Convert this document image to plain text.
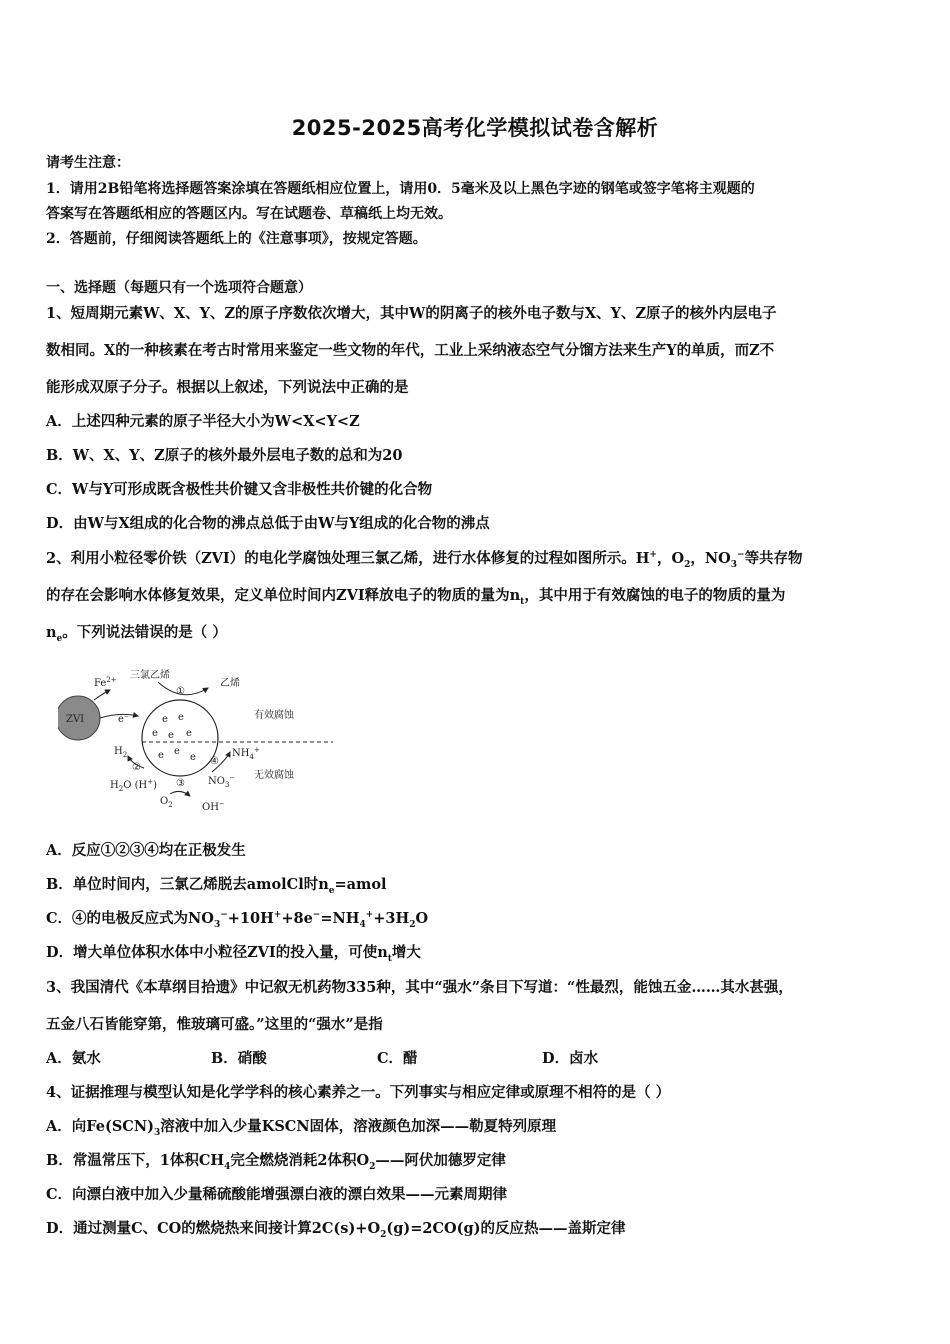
2025-2025高考化学模拟试卷含解析
请考生注意：
1．请用2B铅笔将选择题答案涂填在答题纸相应位置上，请用0．5毫米及以上黑色字迹的钢笔或签字笔将主观题的
答案写在答题纸相应的答题区内。写在试题卷、草稿纸上均无效。
2．答题前，仔细阅读答题纸上的《注意事项》，按规定答题。
一、选择题（每题只有一个选项符合题意）
1、短周期元素W、X、Y、Z的原子序数依次增大，其中W的阴离子的核外电子数与X、Y、Z原子的核外内层电子
数相同。X的一种核素在考古时常用来鉴定一些文物的年代，工业上采纳液态空气分馏方法来生产Y的单质，而Z不
能形成双原子分子。根据以上叙述，下列说法中正确的是
A．上述四种元素的原子半径大小为W<X<Y<Z
B．W、X、Y、Z原子的核外最外层电子数的总和为20
C．W与Y可形成既含极性共价键又含非极性共价键的化合物
D．由W与X组成的化合物的沸点总低于由W与Y组成的化合物的沸点
2、利用小粒径零价铁（ZVI）的电化学腐蚀处理三氯乙烯，进行水体修复的过程如图所示。H+，$O_2$，$NO_3^-$等共存物
的存在会影响水体修复效果，定义单位时间内ZVI释放电子的物质的量为$n_t$，其中用于有效腐蚀的电子的物质的量为
$n_e$。下列说法错误的是（ ）
ZVI
$Fe^{2+}$
e−	e e
e e e
e e
e
三氯乙烯
乙烯
①
有效腐蚀
无效腐蚀
$H_2$
②
$H_2O$ (H+)
$O_2$
③
OH−
$NO_3^-$
④
$NH_4^+$
A．反应①②③④均在正极发生
B．单位时间内，三氯乙烯脱去amolCl时$n_e=amol$
C．④的电极反应式为$NO_3^-+10H^++8e^-=NH_4^++3H_2O$
D．增大单位体积水体中小粒径ZVI的投入量，可使$n_t$增大
3、我国清代《本草纲目拾遗》中记叙无机药物335种，其中“强水”条目下写道：“性最烈，能蚀五金……其水甚强，
五金八石皆能穿第，惟玻璃可盛。”这里的“强水”是指
A．氨水	B．硝酸	C．醋	D．卤水
4、证据推理与模型认知是化学学科的核心素养之一。下列事实与相应定律或原理不相符的是（ ）
A．向$Fe(SCN)_3$溶液中加入少量KSCN固体，溶液颜色加深——勒夏特列原理
B．常温常压下，1体积$CH_4$完全燃烧消耗2体积$O_2——$阿伏加德罗定律
C．向漂白液中加入少量稀硫酸能增强漂白液的漂白效果——元素周期律
D．通过测量C、CO的燃烧热来间接计算$2C(s)+O_2(g)=2CO(g)$的反应热——盖斯定律
